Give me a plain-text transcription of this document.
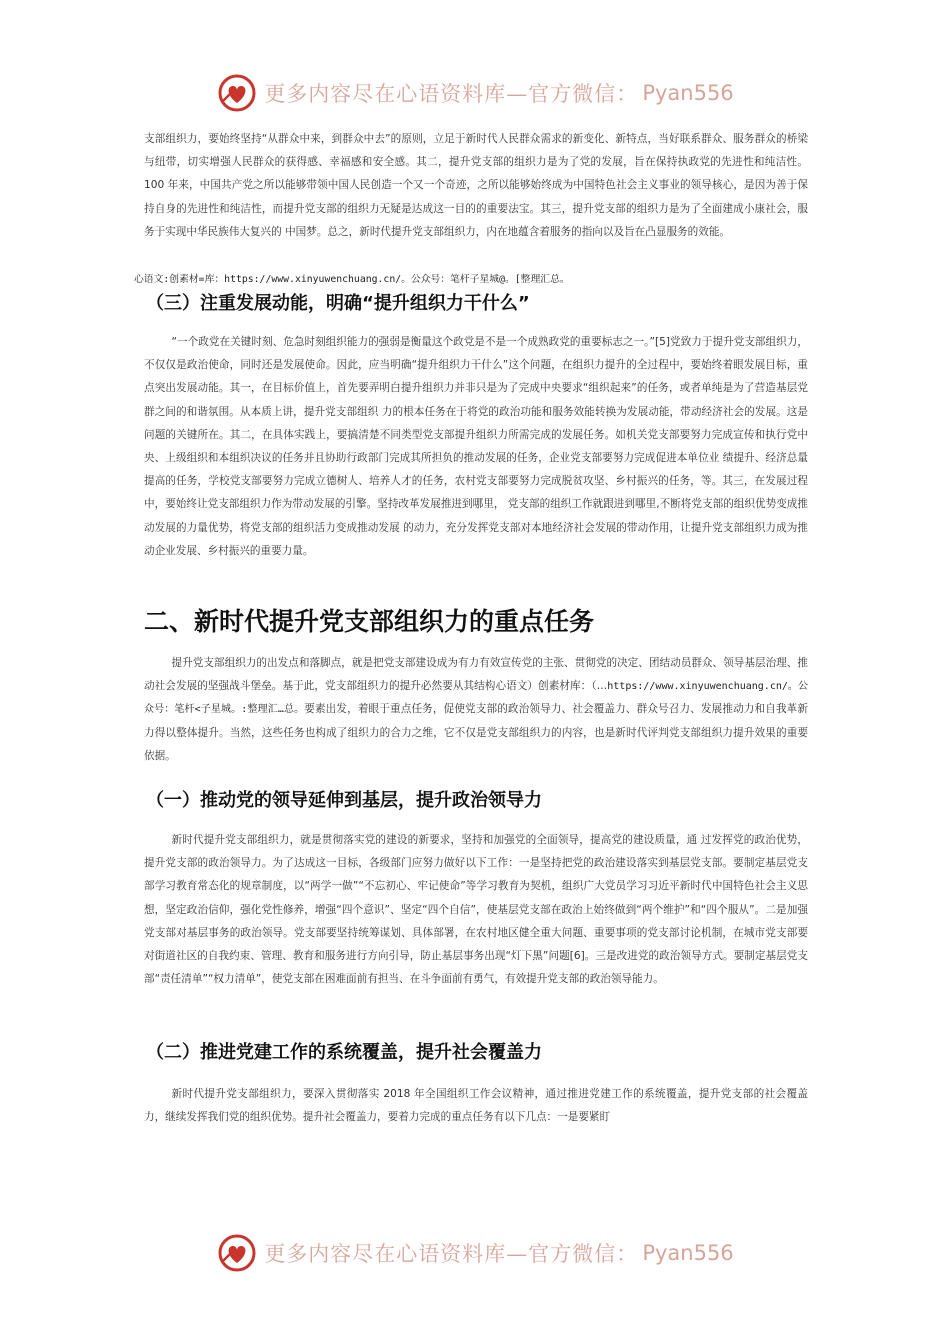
更多内容尽在心语资料库—官方微信： Pyan556

支部组织力，要始终坚持“从群众中来，到群众中去”的原则，立足于新时代人民群众需求的新变化、新特点，当好联系群众、服务群众的桥梁与纽带，切实增强人民群众的获得感、幸福感和安全感。其二，提升党支部的组织力是为了党的发展，旨在保持执政党的先进性和纯洁性。100 年来，中国共产党之所以能够带领中国人民创造一个又一个奇迹，之所以能够始终成为中国特色社会主义事业的领导核心，是因为善于保持自身的先进性和纯洁性，而提升党支部的组织力无疑是达成这一目的的重要法宝。其三，提升党支部的组织力是为了全面建成小康社会，服务于实现中华民族伟大复兴的 中国梦。总之，新时代提升党支部组织力，内在地蕴含着服务的指向以及旨在凸显服务的效能。

心语文:创素材=库：https://www.xinyuwenchuang.cn/。公众号：笔杆子星城@。[整理汇总。

（三）注重发展动能，明确“提升组织力干什么”

“一个政党在关键时刻、危急时刻组织能力的强弱是衡量这个政党是不是一个成熟政党的重要标志之一。”[5]党致力于提升党支部组织力，不仅仅是政治使命，同时还是发展使命。因此，应当明确“提升组织力干什么”这个问题，在组织力提升的全过程中，要始终着眼发展目标，重点突出发展动能。其一，在目标价值上，首先要弄明白提升组织力并非只是为了完成中央要求“组织起来”的任务，或者单纯是为了营造基层党群之间的和谐氛围。从本质上讲，提升党支部组织 力的根本任务在于将党的政治功能和服务效能转换为发展动能，带动经济社会的发展。这是问题的关键所在。其二，在具体实践上，要搞清楚不同类型党支部提升组织力所需完成的发展任务。如机关党支部要努力完成宣传和执行党中央、上级组织和本组织决议的任务并且协助行政部门完成其所担负的推动发展的任务，企业党支部要努力完成促进本单位业 绩提升、经济总量提高的任务，学校党支部要努力完成立德树人、培养人才的任务，农村党支部要努力完成脱贫攻坚、乡村振兴的任务，等。其三，在发展过程中，要始终让党支部组织力作为带动发展的引擎。坚持改革发展推进到哪里， 党支部的组织工作就跟进到哪里,不断将党支部的组织优势变成推动发展的力量优势，将党支部的组织活力变成推动发展 的动力，充分发挥党支部对本地经济社会发展的带动作用，让提升党支部组织力成为推动企业发展、乡村振兴的重要力量。

二、新时代提升党支部组织力的重点任务

提升党支部组织力的出发点和落脚点，就是把党支部建设成为有力有效宣传党的主张、贯彻党的决定、团结动员群众、领导基层治理、推动社会发展的坚强战斗堡垒。基于此，党支部组织力的提升必然要从其结构心语文）创素材库：（…https://www.xinyuwenchuang.cn/。公众号：笔杆<子星城。:整理汇…总。要素出发，着眼于重点任务，促使党支部的政治领导力、社会覆盖力、群众号召力、发展推动力和自我革新力得以整体提升。当然，这些任务也构成了组织力的合力之维，它不仅是党支部组织力的内容，也是新时代评判党支部组织力提升效果的重要依据。

（一）推动党的领导延伸到基层，提升政治领导力

新时代提升党支部组织力，就是贯彻落实党的建设的新要求，坚持和加强党的全面领导，提高党的建设质量，通 过发挥党的政治优势，提升党支部的政治领导力。为了达成这一目标，各级部门应努力做好以下工作：一是坚持把党的政治建设落实到基层党支部。要制定基层党支部学习教育常态化的规章制度，以“两学一做”“不忘初心、牢记使命”等学习教育为契机，组织广大党员学习习近平新时代中国特色社会主义思想，坚定政治信仰，强化党性修养，增强“四个意识”、坚定“四个自信”，使基层党支部在政治上始终做到“两个维护”和“四个服从”。二是加强党支部对基层事务的政治领导。党支部要坚持统筹谋划、具体部署，在农村地区健全重大问题、重要事项的党支部讨论机制，在城市党支部要对街道社区的自我约束、管理、教育和服务进行方向引导，防止基层事务出现“灯下黑”问题[6]。三是改进党的政治领导方式。要制定基层党支部“责任清单”“权力清单”，使党支部在困难面前有担当、在斗争面前有勇气，有效提升党支部的政治领导能力。

（二）推进党建工作的系统覆盖，提升社会覆盖力

新时代提升党支部组织力，要深入贯彻落实 2018 年全国组织工作会议精神，通过推进党建工作的系统覆盖，提升党支部的社会覆盖力，继续发挥我们党的组织优势。提升社会覆盖力，要着力完成的重点任务有以下几点：一是要紧盯

更多内容尽在心语资料库—官方微信： Pyan556
